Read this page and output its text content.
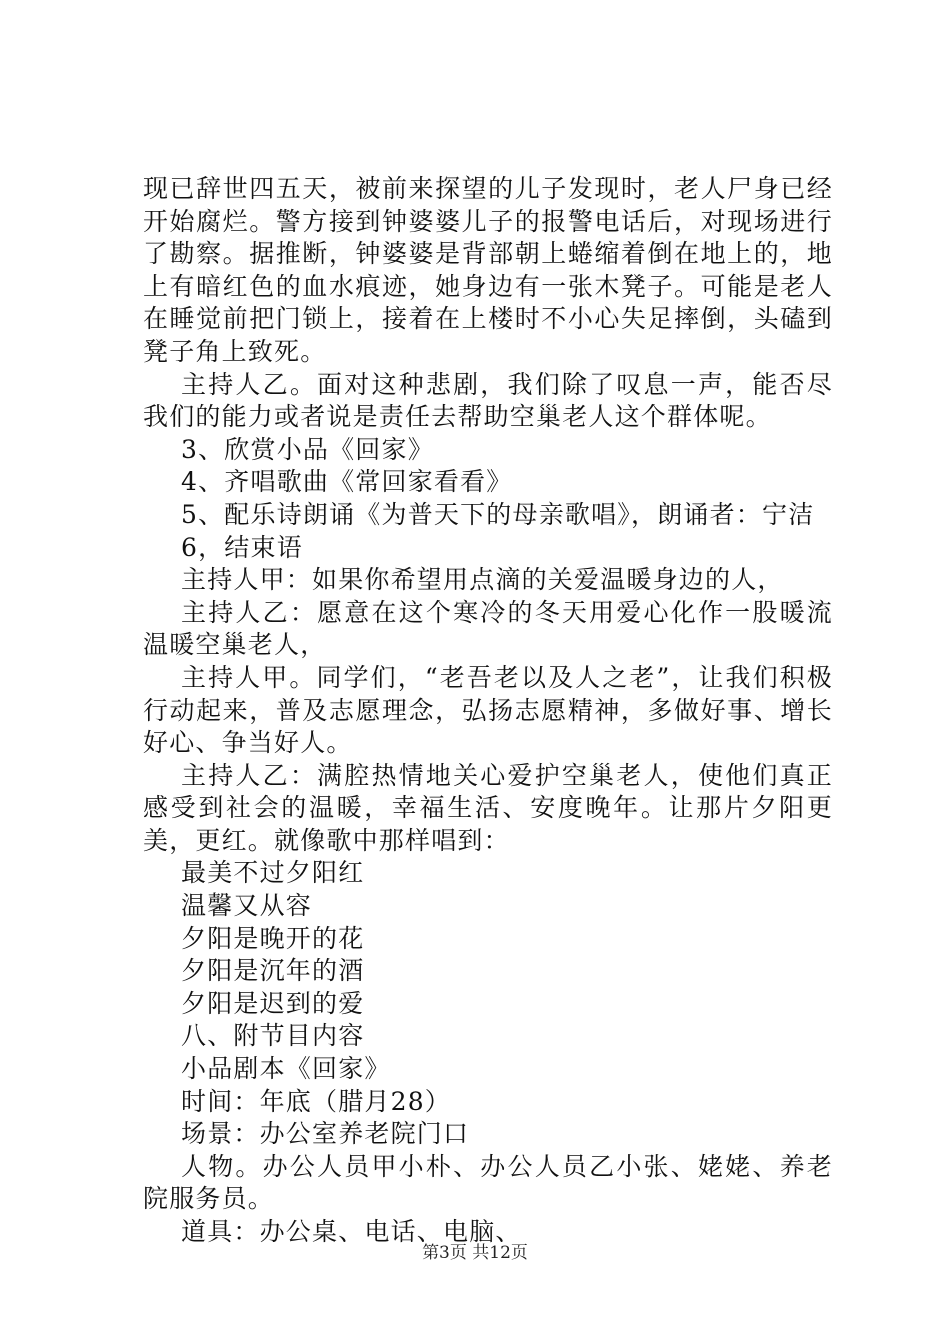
现已辞世四五天，被前来探望的儿子发现时，老人尸身已经开始腐烂。警方接到钟婆婆儿子的报警电话后，对现场进行了勘察。据推断，钟婆婆是背部朝上蜷缩着倒在地上的，地上有暗红色的血水痕迹，她身边有一张木凳子。可能是老人在睡觉前把门锁上，接着在上楼时不小心失足摔倒，头磕到凳子角上致死。

主持人乙。面对这种悲剧，我们除了叹息一声，能否尽我们的能力或者说是责任去帮助空巢老人这个群体呢。

3、欣赏小品《回家》

4、齐唱歌曲《常回家看看》

5、配乐诗朗诵《为普天下的母亲歌唱》，朗诵者：宁洁

6，结束语

主持人甲：如果你希望用点滴的关爱温暖身边的人，

主持人乙：愿意在这个寒冷的冬天用爱心化作一股暖流温暖空巢老人，

主持人甲。同学们，“老吾老以及人之老”，让我们积极行动起来，普及志愿理念，弘扬志愿精神，多做好事、增长好心、争当好人。

主持人乙：满腔热情地关心爱护空巢老人，使他们真正感受到社会的温暖，幸福生活、安度晚年。让那片夕阳更美，更红。就像歌中那样唱到：

最美不过夕阳红

温馨又从容

夕阳是晚开的花

夕阳是沉年的酒

夕阳是迟到的爱

八、附节目内容

小品剧本《回家》

时间：年底（腊月28）

场景：办公室养老院门口

人物。办公人员甲小朴、办公人员乙小张、姥姥、养老院服务员。

道具：办公桌、电话、电脑、

第3页 共12页
